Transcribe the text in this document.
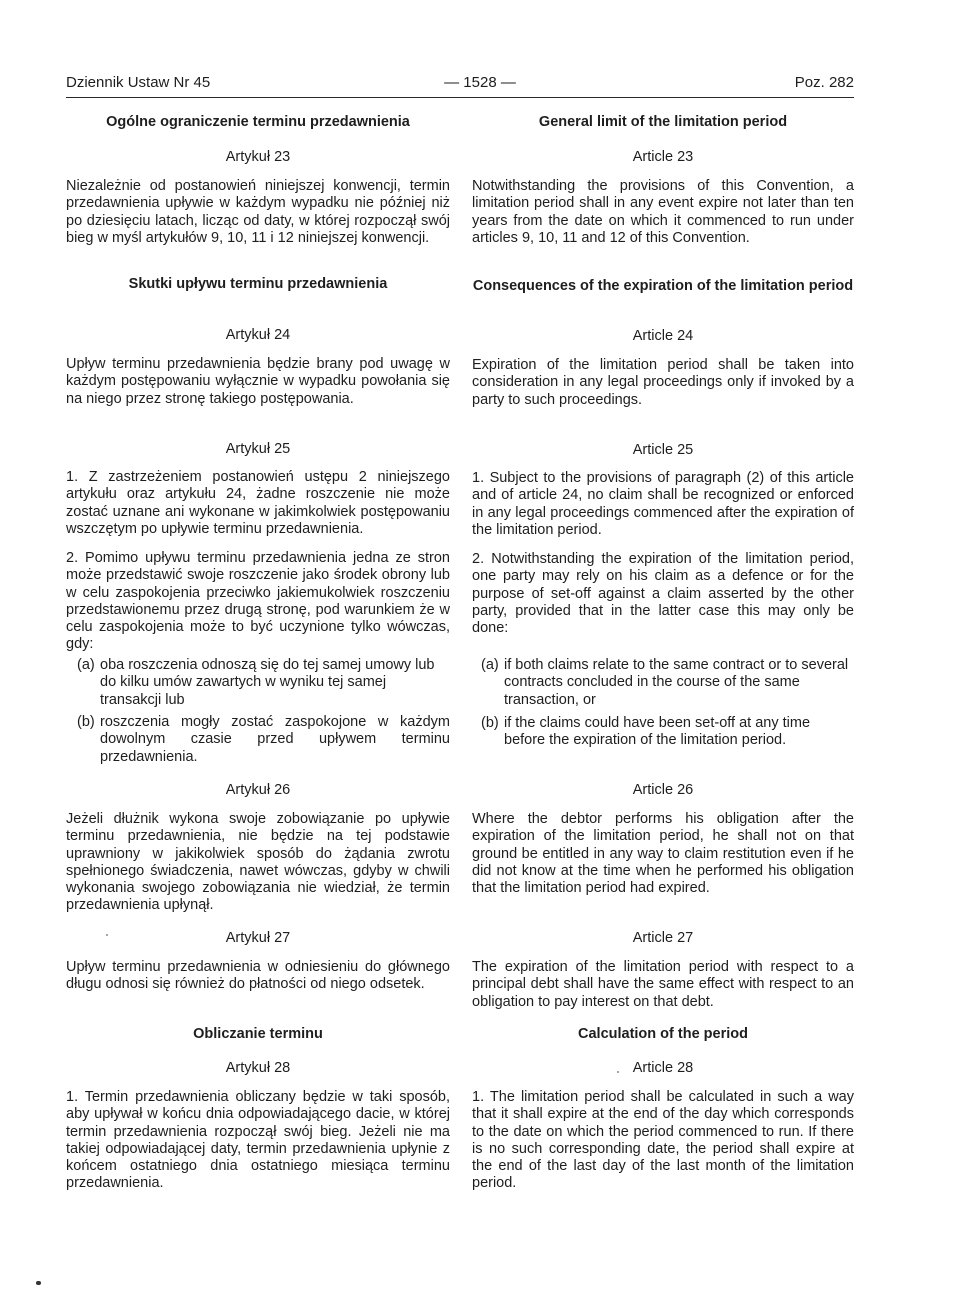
Dziennik Ustaw Nr 45	— 1528 —	Poz. 282
Ogólne ograniczenie terminu przedawnienia
Artykuł 23

Niezależnie od postanowień niniejszej konwencji, termin przedawnienia upływie w każdym wypadku nie później niż po dziesięciu latach, licząc od daty, w której rozpoczął swój bieg w myśl artykułów 9, 10, 11 i 12 niniejszej konwencji.

Skutki upływu terminu przedawnienia
Artykuł 24

Upływ terminu przedawnienia będzie brany pod uwagę w każdym postępowaniu wyłącznie w wypadku powołania się na niego przez stronę takiego postępowania.

Artykuł 25

1. Z zastrzeżeniem postanowień ustępu 2 niniejszego artykułu oraz artykułu 24, żadne roszczenie nie może zostać uznane ani wykonane w jakimkolwiek postępowaniu wszczętym po upływie terminu przedawnienia.

2. Pomimo upływu terminu przedawnienia jedna ze stron może przedstawić swoje roszczenie jako środek obrony lub w celu zaspokojenia przeciwko jakiemukolwiek roszczeniu przedstawionemu przez drugą stronę, pod warunkiem że w celu zaspokojenia może to być uczynione tylko wówczas, gdy:

(a) oba roszczenia odnoszą się do tej samej umowy lub do kilku umów zawartych w wyniku tej samej transakcji lub
(b) roszczenia mogły zostać zaspokojone w każdym dowolnym czasie przed upływem terminu przedawnienia.
Artykuł 26

Jeżeli dłużnik wykona swoje zobowiązanie po upływie terminu przedawnienia, nie będzie na tej podstawie uprawniony w jakikolwiek sposób do żądania zwrotu spełnionego świadczenia, nawet wówczas, gdyby w chwili wykonania swojego zobowiązania nie wiedział, że termin przedawnienia upłynął.

Artykuł 27

Upływ terminu przedawnienia w odniesieniu do głównego długu odnosi się również do płatności od niego odsetek.

Obliczanie terminu
Artykuł 28

1. Termin przedawnienia obliczany będzie w taki sposób, aby upływał w końcu dnia odpowiadającego dacie, w której termin przedawnienia rozpoczął swój bieg. Jeżeli nie ma takiej odpowiadającej daty, termin przedawnienia upłynie z końcem ostatniego dnia ostatniego miesiąca terminu przedawnienia.

General limit of the limitation period
Article 23

Notwithstanding the provisions of this Convention, a limitation period shall in any event expire not later than ten years from the date on which it commenced to run under articles 9, 10, 11 and 12 of this Convention.

Consequences of the expiration of the limitation period
Article 24

Expiration of the limitation period shall be taken into consideration in any legal proceedings only if invoked by a party to such proceedings.

Article 25

1. Subject to the provisions of paragraph (2) of this article and of article 24, no claim shall be recognized or enforced in any legal proceedings commenced after the expiration of the limitation period.

2. Notwithstanding the expiration of the limitation period, one party may rely on his claim as a defence or for the purpose of set-off against a claim asserted by the other party, provided that in the latter case this may only be done:

(a) if both claims relate to the same contract or to several contracts concluded in the course of the same transaction, or
(b) if the claims could have been set-off at any time before the expiration of the limitation period.
Article 26

Where the debtor performs his obligation after the expiration of the limitation period, he shall not on that ground be entitled in any way to claim restitution even if he did not know at the time when he performed his obligation that the limitation period had expired.

Article 27

The expiration of the limitation period with respect to a principal debt shall have the same effect with respect to an obligation to pay interest on that debt.

Calculation of the period
Article 28

1. The limitation period shall be calculated in such a way that it shall expire at the end of the day which corresponds to the date on which the period commenced to run. If there is no such corresponding date, the period shall expire at the end of the last day of the last month of the limitation period.
